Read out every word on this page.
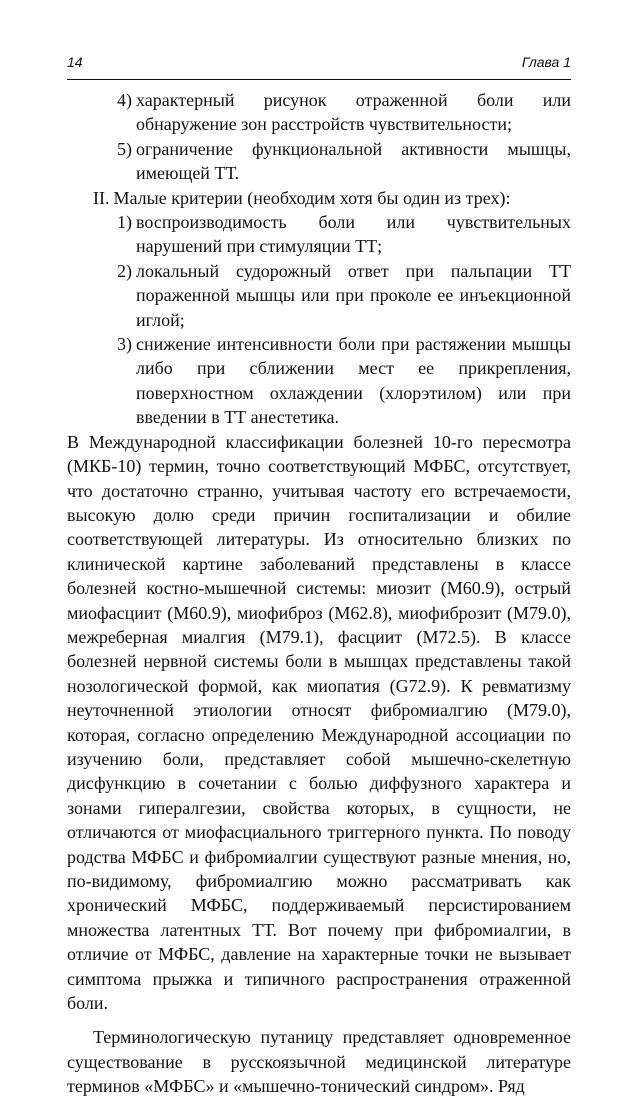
14	Глава 1
4) характерный рисунок отраженной боли или обнаружение зон расстройств чувствительности;
5) ограничение функциональной активности мышцы, имеющей ТТ.
II. Малые критерии (необходим хотя бы один из трех):
1) воспроизводимость боли или чувствительных нарушений при стимуляции ТТ;
2) локальный судорожный ответ при пальпации ТТ пораженной мышцы или при проколе ее инъекционной иглой;
3) снижение интенсивности боли при растяжении мышцы либо при сближении мест ее прикрепления, поверхностном охлаждении (хлорэтилом) или при введении в ТТ анестетика.

В Международной классификации болезней 10-го пересмотра (МКБ-10) термин, точно соответствующий МФБС, отсутствует, что достаточно странно, учитывая частоту его встречаемости, высокую долю среди причин госпитализации и обилие соответствующей литературы. Из относительно близких по клинической картине заболеваний представлены в классе болезней костно-мышечной системы: миозит (M60.9), острый миофасциит (M60.9), миофиброз (M62.8), миофиброзит (M79.0), межреберная миалгия (M79.1), фасциит (M72.5). В классе болезней нервной системы боли в мышцах представлены такой нозологической формой, как миопатия (G72.9). К ревматизму неуточненной этиологии относят фибромиалгию (M79.0), которая, согласно определению Международной ассоциации по изучению боли, представляет собой мышечно-скелетную дисфункцию в сочетании с болью диффузного характера и зонами гипералгезии, свойства которых, в сущности, не отличаются от миофасциального триггерного пункта. По поводу родства МФБС и фибромиалгии существуют разные мнения, но, по-видимому, фибромиалгию можно рассматривать как хронический МФБС, поддерживаемый персистированием множества латентных ТТ. Вот почему при фибромиалгии, в отличие от МФБС, давление на характерные точки не вызывает симптома прыжка и типичного распространения отраженной боли.

Терминологическую путаницу представляет одновременное существование в русскоязычной медицинской литературе терминов «МФБС» и «мышечно-тонический синдром». Ряд
